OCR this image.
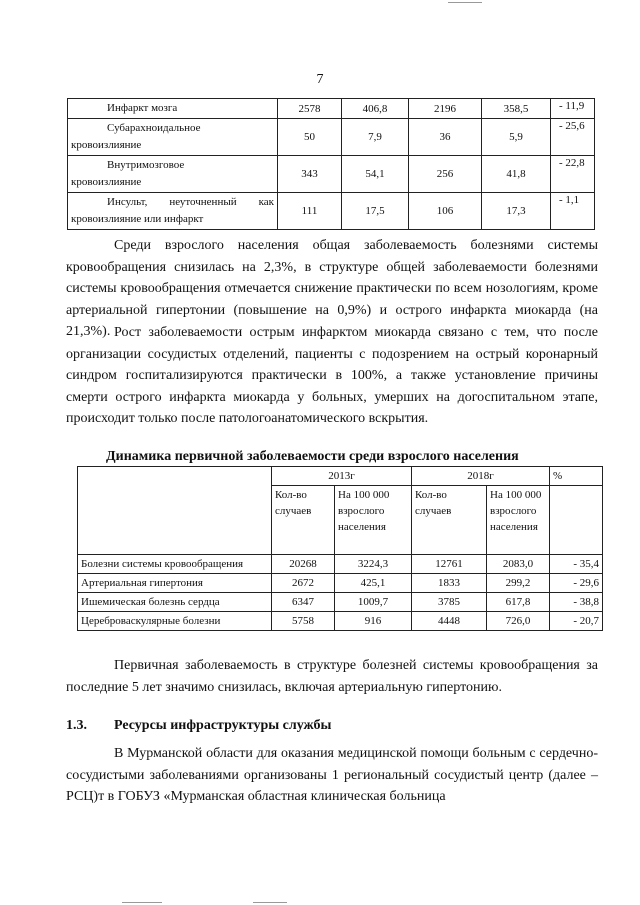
7
Инфаркт мозга	2578	406,8	2196	358,5	- 11,9

Субарахноидальное
кровоизлияние	50	7,9	36	5,9	- 25,6

Внутримозговое
кровоизлияние	343	54,1	256	41,8	- 22,8

Инсульт, неуточненный как
кровоизлияние или инфаркт	111	17,5	106	17,3	- 1,1
Среди взрослого населения общая заболеваемость болезнями системы кровообращения снизилась на 2,3%, в структуре общей заболеваемости болезнями системы кровообращения отмечается снижение практически по всем нозологиям, кроме артериальной гипертонии (повышение на 0,9%) и острого инфаркта миокарда (на 21,3%). Рост заболеваемости острым инфарктом миокарда связано с тем, что после организации сосудистых отделений, пациенты с подозрением на острый коронарный синдром госпитализируются практически в 100%, а также установление причины смерти острого инфаркта миокарда у больных, умерших на догоспитальном этапе, происходит только после патологоанатомического вскрытия.
Динамика первичной заболеваемости среди взрослого населения
	2013г		2018г		%
	Кол-во случаев	На 100 000 взрослого населения	Кол-во случаев	На 100 000 взрослого населения	
Болезни системы кровообращения	20268	3224,3	12761	2083,0	- 35,4
Артериальная гипертония	2672	425,1	1833	299,2	- 29,6
Ишемическая болезнь сердца	6347	1009,7	3785	617,8	- 38,8
Цереброваскулярные болезни	5758	916	4448	726,0	- 20,7
Первичная заболеваемость в структуре болезней системы кровообращения за последние 5 лет значимо снизилась, включая артериальную гипертонию.
1.3. Ресурсы инфраструктуры службы
В Мурманской области для оказания медицинской помощи больным с сердечно-сосудистыми заболеваниями организованы 1 региональный сосудистый центр (далее – РСЦ)т в ГОБУЗ «Мурманская областная клиническая больница
